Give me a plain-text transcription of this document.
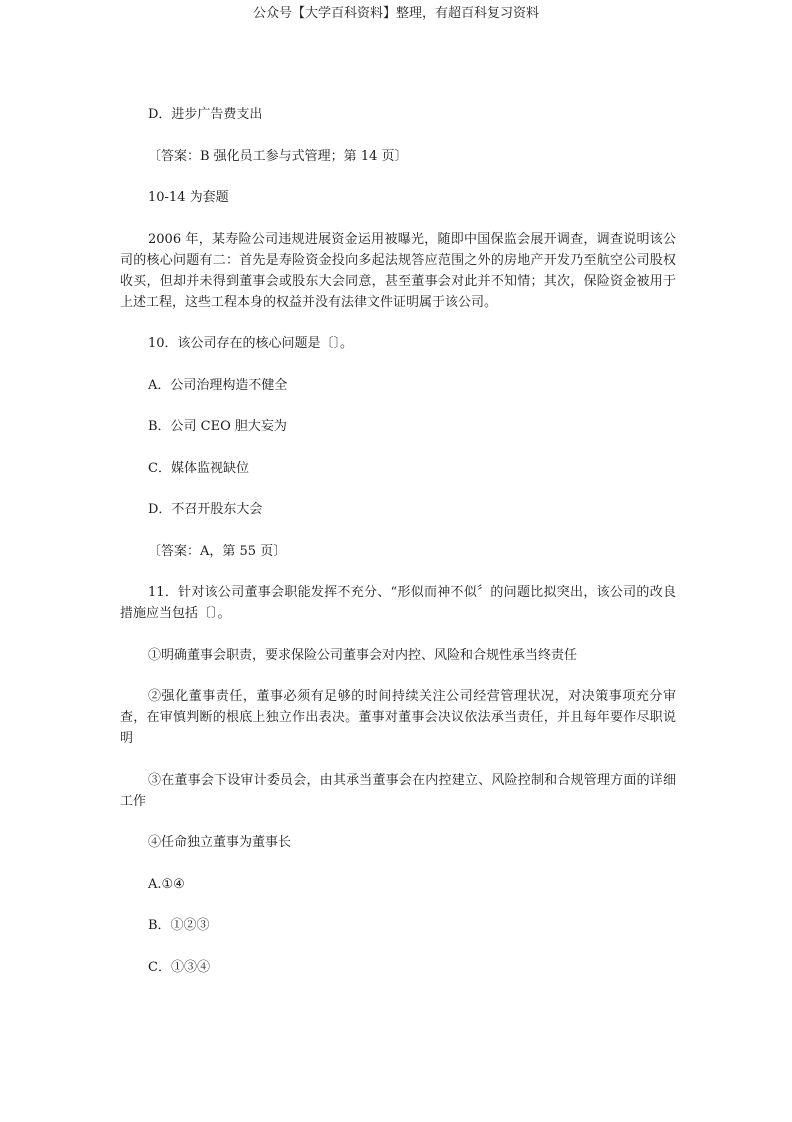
公众号【大学百科资料】整理，有超百科复习资料

D．进步广告费支出

〔答案：B 强化员工参与式管理；第 14 页〕

10-14 为套题

2006 年，某寿险公司违规进展资金运用被曝光，随即中国保监会展开调查，调查说明该公司的核心问题有二：首先是寿险资金投向多起法规答应范围之外的房地产开发乃至航空公司股权收买，但却并未得到董事会或股东大会同意，甚至董事会对此并不知情；其次，保险资金被用于上述工程，这些工程本身的权益并没有法律文件证明属于该公司。

10．该公司存在的核心问题是〔〕。

A．公司治理构造不健全

B．公司 CEO 胆大妄为

C．媒体监视缺位

D．不召开股东大会

〔答案：A，第 55 页〕

11．针对该公司董事会职能发挥不充分、“形似而神不似〞的问题比拟突出，该公司的改良措施应当包括〔〕。

①明确董事会职责，要求保险公司董事会对内控、风险和合规性承当终责任

②强化董事责任，董事必须有足够的时间持续关注公司经营管理状况，对决策事项充分审查，在审慎判断的根底上独立作出表决。董事对董事会决议依法承当责任，并且每年要作尽职说明

③在董事会下设审计委员会，由其承当董事会在内控建立、风险控制和合规管理方面的详细工作

④任命独立董事为董事长

A.①④

B．①②③

C．①③④
